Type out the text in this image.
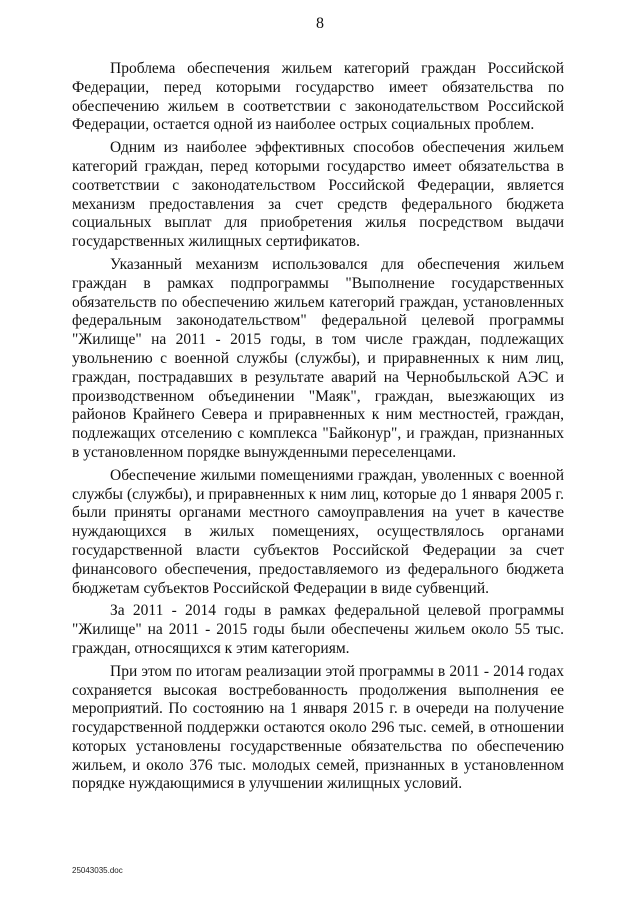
8

Проблема обеспечения жильем категорий граждан Российской Федерации, перед которыми государство имеет обязательства по обеспечению жильем в соответствии с законодательством Российской Федерации, остается одной из наиболее острых социальных проблем.

Одним из наиболее эффективных способов обеспечения жильем категорий граждан, перед которыми государство имеет обязательства в соответствии с законодательством Российской Федерации, является механизм предоставления за счет средств федерального бюджета социальных выплат для приобретения жилья посредством выдачи государственных жилищных сертификатов.

Указанный механизм использовался для обеспечения жильем граждан в рамках подпрограммы "Выполнение государственных обязательств по обеспечению жильем категорий граждан, установленных федеральным законодательством" федеральной целевой программы "Жилище" на 2011 - 2015 годы, в том числе граждан, подлежащих увольнению с военной службы (службы), и приравненных к ним лиц, граждан, пострадавших в результате аварий на Чернобыльской АЭС и производственном объединении "Маяк", граждан, выезжающих из районов Крайнего Севера и приравненных к ним местностей, граждан, подлежащих отселению с комплекса "Байконур", и граждан, признанных в установленном порядке вынужденными переселенцами.

Обеспечение жилыми помещениями граждан, уволенных с военной службы (службы), и приравненных к ним лиц, которые до 1 января 2005 г. были приняты органами местного самоуправления на учет в качестве нуждающихся в жилых помещениях, осуществлялось органами государственной власти субъектов Российской Федерации за счет финансового обеспечения, предоставляемого из федерального бюджета бюджетам субъектов Российской Федерации в виде субвенций.

За 2011 - 2014 годы в рамках федеральной целевой программы "Жилище" на 2011 - 2015 годы были обеспечены жильем около 55 тыс. граждан, относящихся к этим категориям.

При этом по итогам реализации этой программы в 2011 - 2014 годах сохраняется высокая востребованность продолжения выполнения ее мероприятий. По состоянию на 1 января 2015 г. в очереди на получение государственной поддержки остаются около 296 тыс. семей, в отношении которых установлены государственные обязательства по обеспечению жильем, и около 376 тыс. молодых семей, признанных в установленном порядке нуждающимися в улучшении жилищных условий.

25043035.doc
